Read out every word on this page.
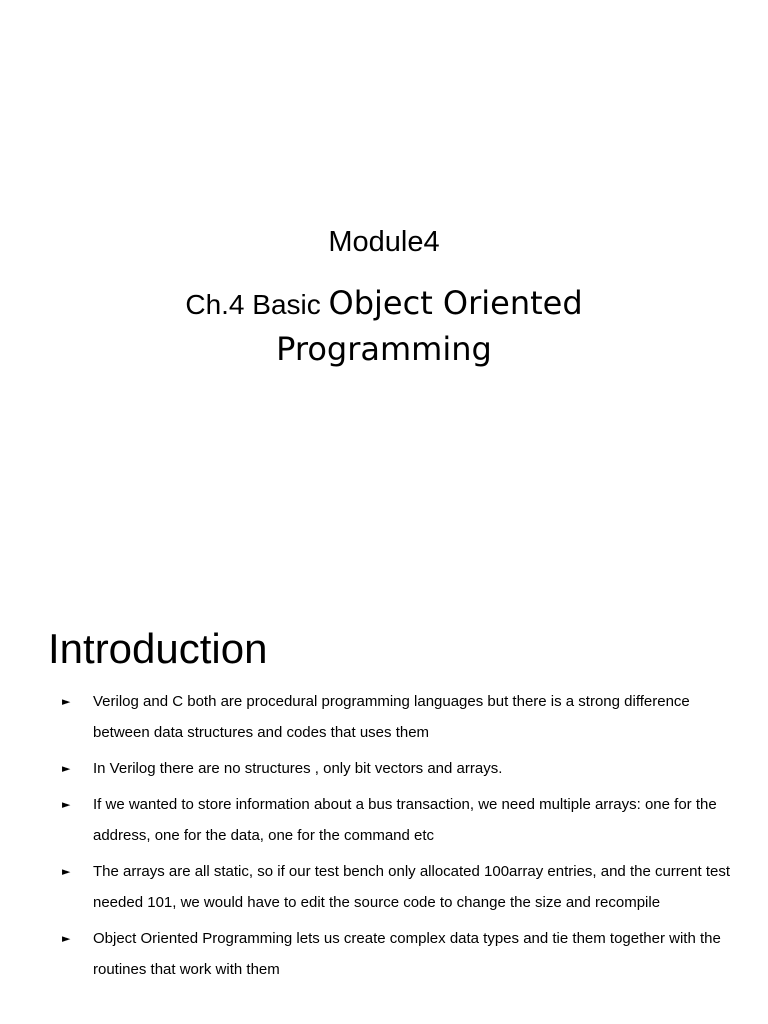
Module4
Ch.4 Basic Object Oriented
Programming
Introduction
►	Verilog and C both are procedural programming languages but there is a strong difference between data structures and codes that uses them
►	In Verilog there are no structures , only bit vectors and arrays.
►	If we wanted to store information about a bus transaction, we need multiple arrays: one for the address, one for the data, one for the command etc
►	The arrays are all static, so if our test bench only allocated 100array entries, and the current test needed 101, we would have to edit the source code to change the size and recompile
►	Object Oriented Programming lets us create complex data types and tie them together with the routines that work with them
